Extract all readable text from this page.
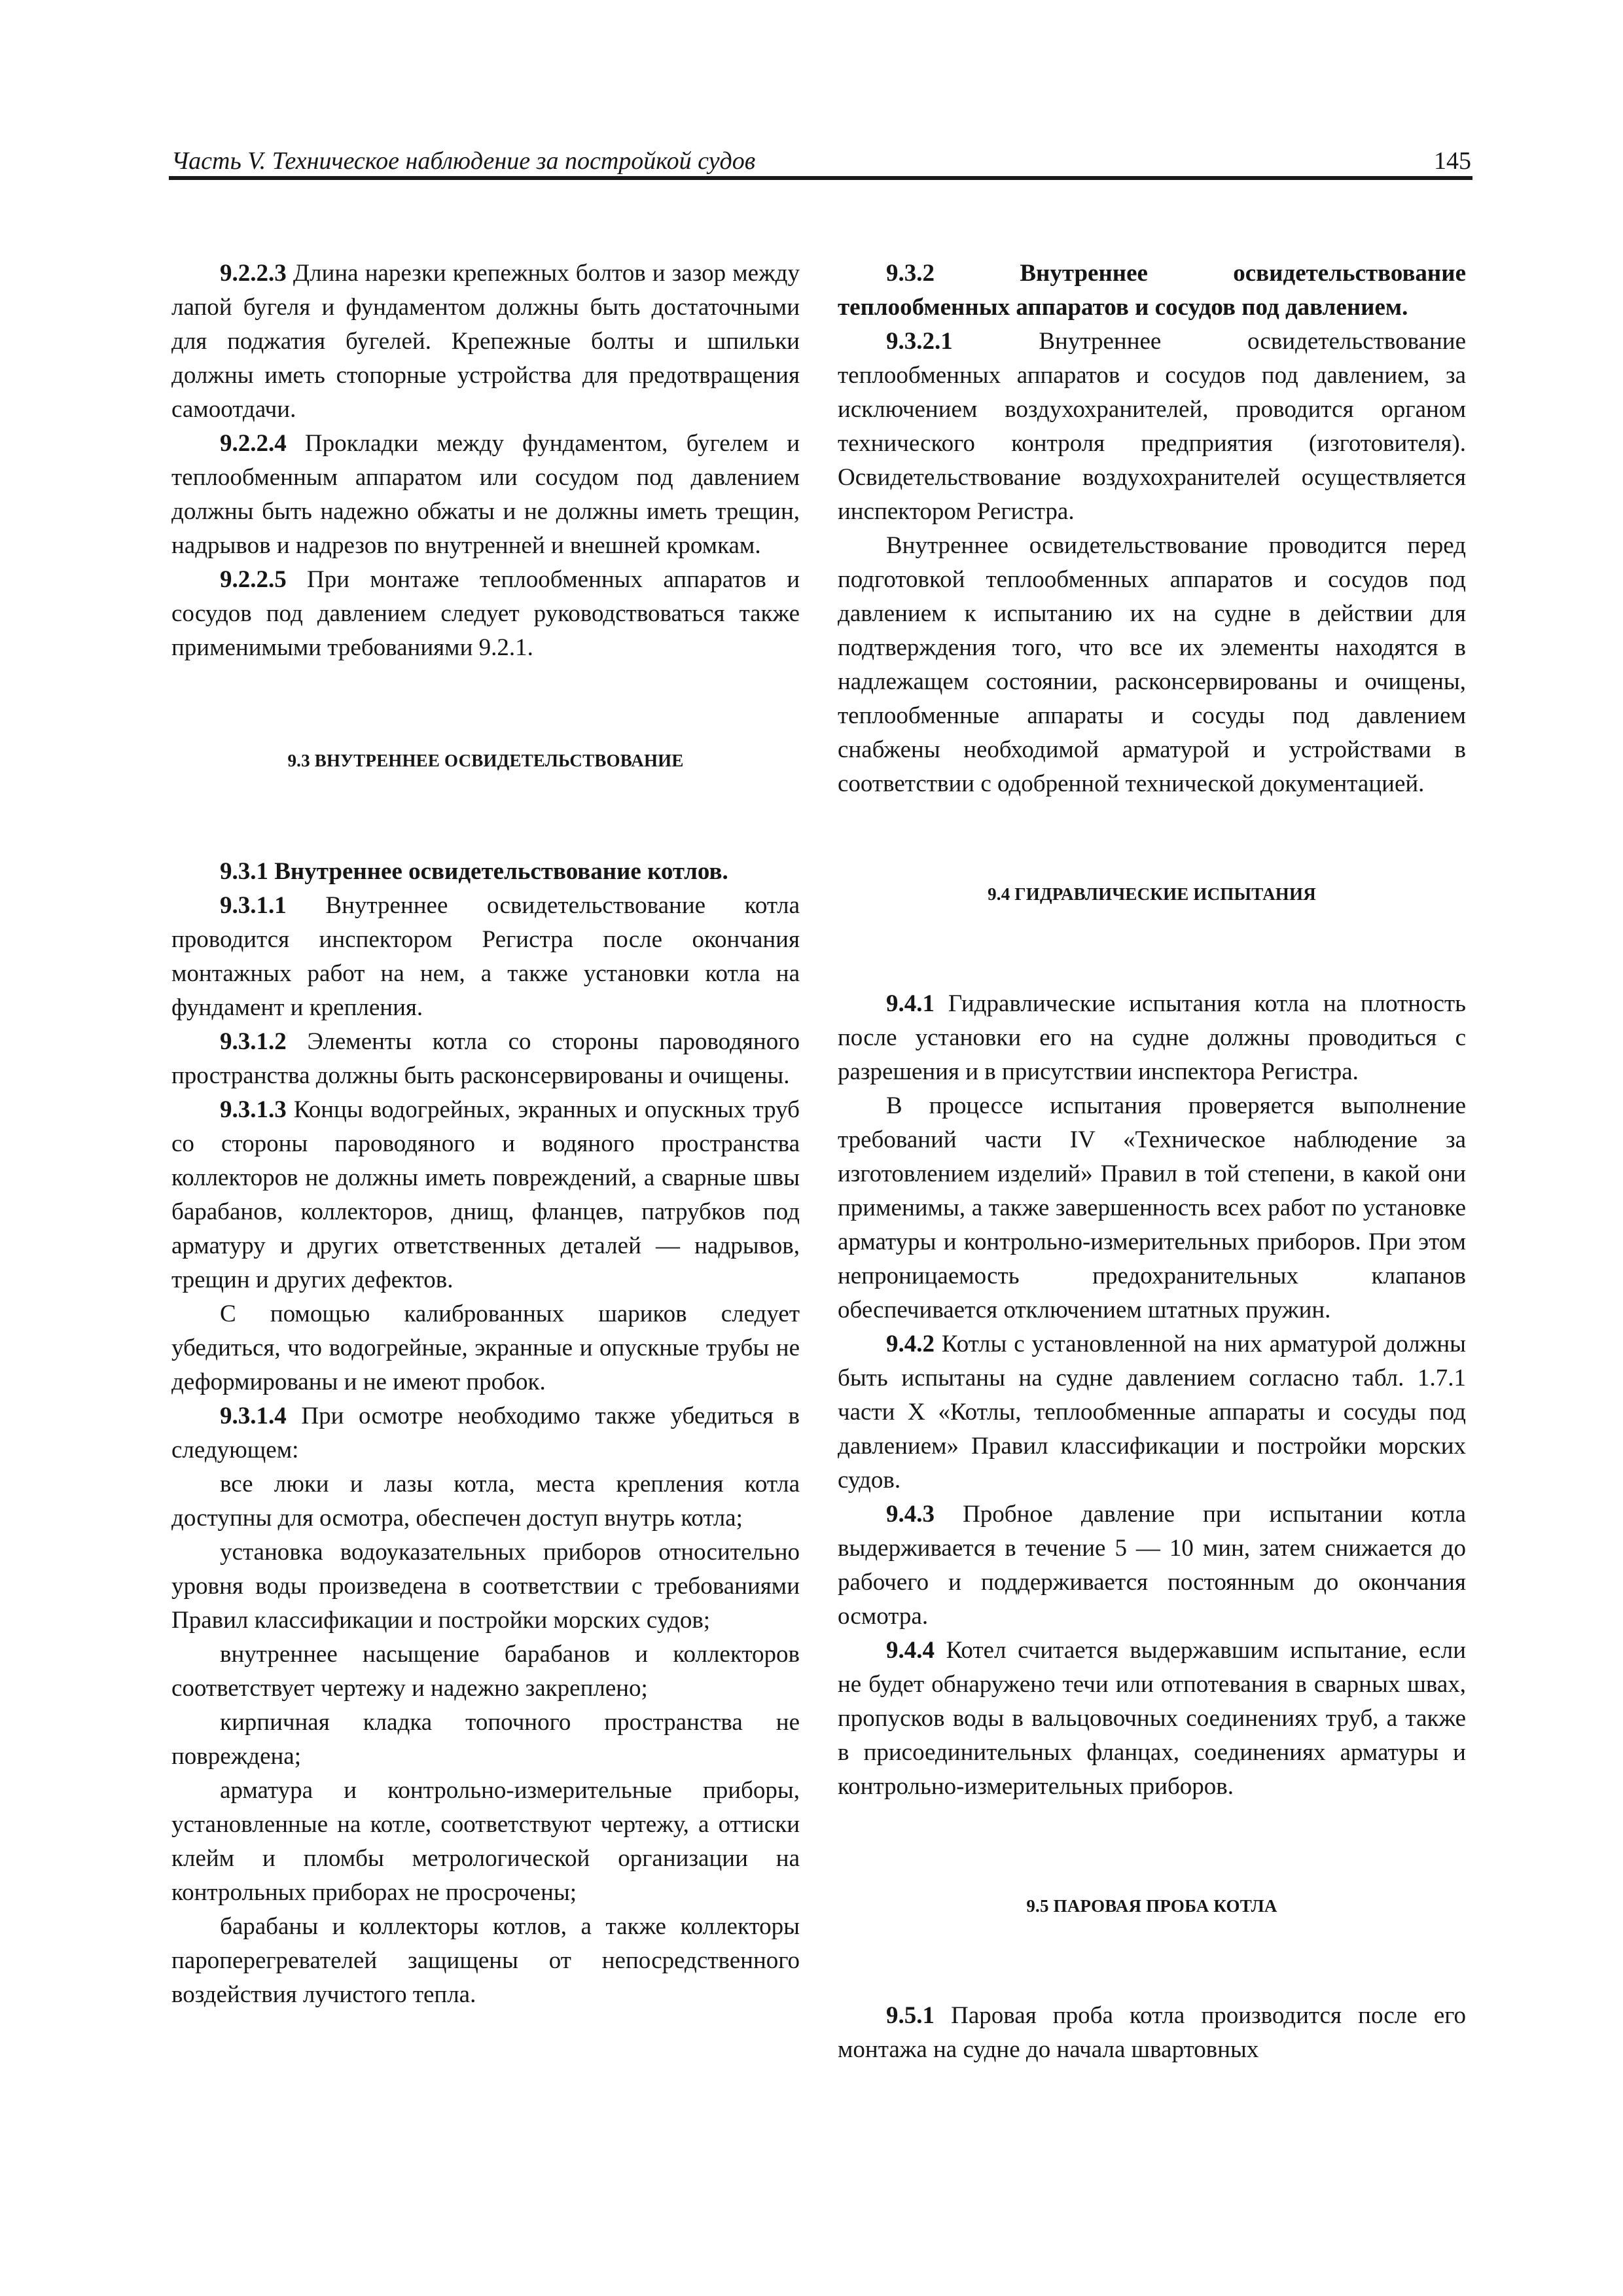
Часть V. Техническое наблюдение за постройкой судов	145

9.2.2.3 Длина нарезки крепежных болтов и зазор между лапой бугеля и фундаментом должны быть достаточными для поджатия бугелей. Крепежные болты и шпильки должны иметь стопорные устройства для предотвращения самоотдачи.

9.2.2.4 Прокладки между фундаментом, бугелем и теплообменным аппаратом или сосудом под давлением должны быть надежно обжаты и не должны иметь трещин, надрывов и надрезов по внутренней и внешней кромкам.

9.2.2.5 При монтаже теплообменных аппаратов и сосудов под давлением следует руководствоваться также применимыми требованиями 9.2.1.

9.3 ВНУТРЕННЕЕ ОСВИДЕТЕЛЬСТВОВАНИЕ

9.3.1 Внутреннее освидетельствование котлов.

9.3.1.1 Внутреннее освидетельствование котла проводится инспектором Регистра после окончания монтажных работ на нем, а также установки котла на фундамент и крепления.

9.3.1.2 Элементы котла со стороны пароводяного пространства должны быть расконсервированы и очищены.

9.3.1.3 Концы водогрейных, экранных и опускных труб со стороны пароводяного и водяного пространства коллекторов не должны иметь повреждений, а сварные швы барабанов, коллекторов, днищ, фланцев, патрубков под арматуру и других ответственных деталей — надрывов, трещин и других дефектов.

С помощью калиброванных шариков следует убедиться, что водогрейные, экранные и опускные трубы не деформированы и не имеют пробок.

9.3.1.4 При осмотре необходимо также убедиться в следующем:

все люки и лазы котла, места крепления котла доступны для осмотра, обеспечен доступ внутрь котла;

установка водоуказательных приборов относительно уровня воды произведена в соответствии с требованиями Правил классификации и постройки морских судов;

внутреннее насыщение барабанов и коллекторов соответствует чертежу и надежно закреплено;

кирпичная кладка топочного пространства не повреждена;

арматура и контрольно-измерительные приборы, установленные на котле, соответствуют чертежу, а оттиски клейм и пломбы метрологической организации на контрольных приборах не просрочены;

барабаны и коллекторы котлов, а также коллекторы пароперегревателей защищены от непосредственного воздействия лучистого тепла.

9.3.2 Внутреннее освидетельствование теплообменных аппаратов и сосудов под давлением.

9.3.2.1 Внутреннее освидетельствование теплообменных аппаратов и сосудов под давлением, за исключением воздухохранителей, проводится органом технического контроля предприятия (изготовителя). Освидетельствование воздухохранителей осуществляется инспектором Регистра.

Внутреннее освидетельствование проводится перед подготовкой теплообменных аппаратов и сосудов под давлением к испытанию их на судне в действии для подтверждения того, что все их элементы находятся в надлежащем состоянии, расконсервированы и очищены, теплообменные аппараты и сосуды под давлением снабжены необходимой арматурой и устройствами в соответствии с одобренной технической документацией.

9.4 ГИДРАВЛИЧЕСКИЕ ИСПЫТАНИЯ

9.4.1 Гидравлические испытания котла на плотность после установки его на судне должны проводиться с разрешения и в присутствии инспектора Регистра.

В процессе испытания проверяется выполнение требований части IV «Техническое наблюдение за изготовлением изделий» Правил в той степени, в какой они применимы, а также завершенность всех работ по установке арматуры и контрольно-измерительных приборов. При этом непроницаемость предохранительных клапанов обеспечивается отключением штатных пружин.

9.4.2 Котлы с установленной на них арматурой должны быть испытаны на судне давлением согласно табл. 1.7.1 части X «Котлы, теплообменные аппараты и сосуды под давлением» Правил классификации и постройки морских судов.

9.4.3 Пробное давление при испытании котла выдерживается в течение 5 — 10 мин, затем снижается до рабочего и поддерживается постоянным до окончания осмотра.

9.4.4 Котел считается выдержавшим испытание, если не будет обнаружено течи или отпотевания в сварных швах, пропусков воды в вальцовочных соединениях труб, а также в присоединительных фланцах, соединениях арматуры и контрольно-измерительных приборов.

9.5 ПАРОВАЯ ПРОБА КОТЛА

9.5.1 Паровая проба котла производится после его монтажа на судне до начала швартовных
